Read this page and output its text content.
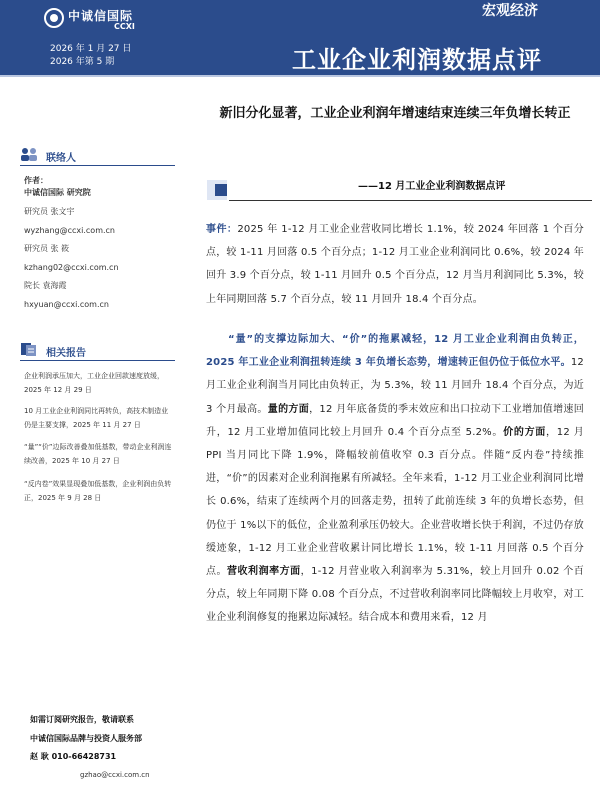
中诚信国际
CCXI
2026 年 1 月 27 日
2026 年第 5 期
宏观经济
工业企业利润数据点评
联络人
作者：
中诚信国际 研究院
研究员 张文宇
wyzhang@ccxi.com.cn
研究员 张 筱
kzhang02@ccxi.com.cn
院长 袁海霞
hxyuan@ccxi.com.cn
相关报告
企业利润承压加大，工业企业回款速度放缓，2025 年 12 月 29 日
10 月工业企业利润同比再转负，高技术制造业仍是主要支撑，2025 年 11 月 27 日
“量”“价”边际改善叠加低基数，带动企业利润连续改善，2025 年 10 月 27 日
“反内卷”效果显现叠加低基数，企业利润由负转正，2025 年 9 月 28 日
如需订阅研究报告，敬请联系
中诚信国际品牌与投资人服务部
赵 耿 010-66428731
gzhao@ccxi.com.cn
新旧分化显著，工业企业利润年增速结束连续三年负增长转正
——12 月工业企业利润数据点评
事件：2025 年 1-12 月工业企业营收同比增长 1.1%，较 2024 年回落 1 个百分点，较 1-11 月回落 0.5 个百分点；1-12 月工业企业利润同比 0.6%，较 2024 年回升 3.9 个百分点，较 1-11 月回升 0.5 个百分点，12 月当月利润同比 5.3%，较上年同期回落 5.7 个百分点，较 11 月回升 18.4 个百分点。
“量”的支撑边际加大、“价”的拖累减轻，12 月工业企业利润由负转正，2025 年工业企业利润扭转连续 3 年负增长态势，增速转正但仍位于低位水平。12 月工业企业利润当月同比由负转正，为 5.3%，较 11 月回升 18.4 个百分点，为近 3 个月最高。量的方面，12 月年底备货的季末效应和出口拉动下工业增加值增速回升，12 月工业增加值同比较上月回升 0.4 个百分点至 5.2%。价的方面，12 月 PPI 当月同比下降 1.9%，降幅较前值收窄 0.3 百分点。伴随“反内卷”持续推进，“价”的因素对企业利润拖累有所减轻。全年来看，1-12 月工业企业利润同比增长 0.6%，结束了连续两个月的回落走势，扭转了此前连续 3 年的负增长态势，但仍位于 1%以下的低位，企业盈利承压仍较大。企业营收增长快于利润，不过仍存放缓迹象，1-12 月工业企业营收累计同比增长 1.1%，较 1-11 月回落 0.5 个百分点。营收利润率方面，1-12 月营业收入利润率为 5.31%，较上月回升 0.02 个百分点，较上年同期下降 0.08 个百分点，不过营收利润率同比降幅较上月收窄，对工业企业利润修复的拖累边际减轻。结合成本和费用来看，12 月
